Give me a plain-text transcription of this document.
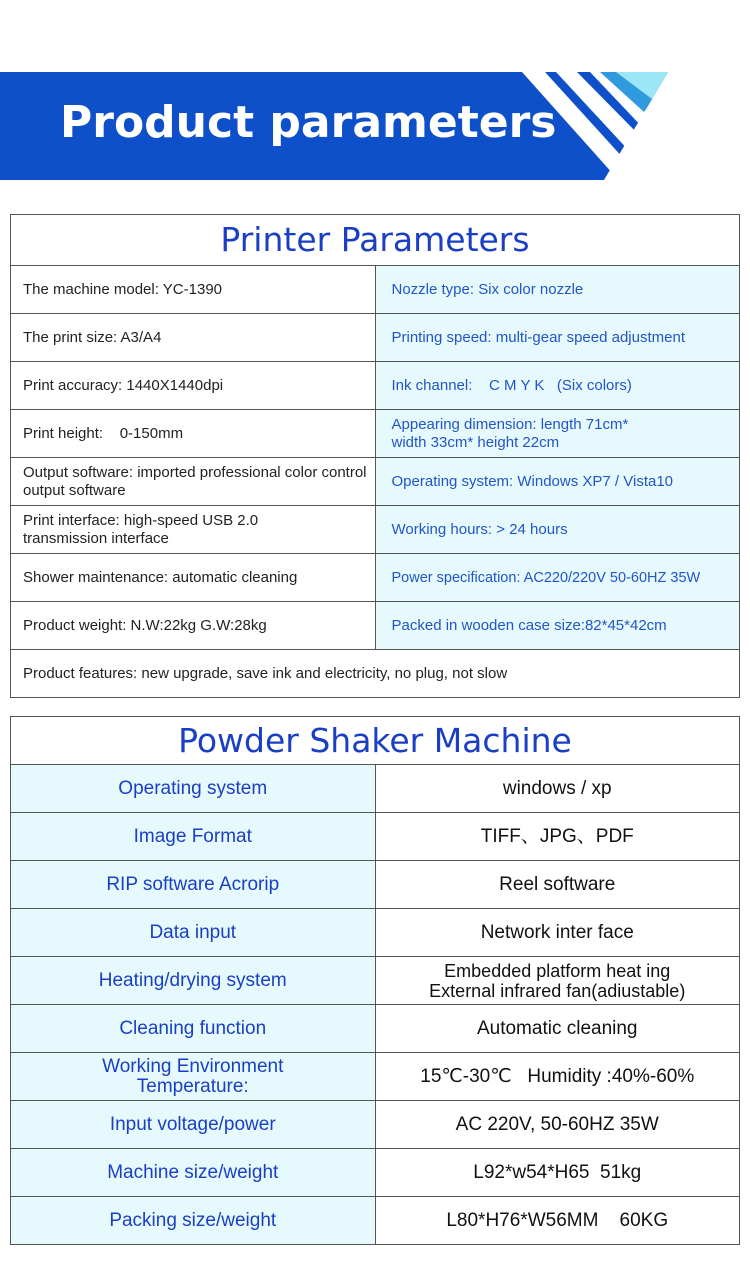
Product parameters
Printer Parameters	
The machine model: YC-1390	Nozzle type: Six color nozzle
The print size: A3/A4	Printing speed: multi-gear speed adjustment
Print accuracy: 1440X1440dpi	Ink channel:    C M Y K   (Six colors)
Print height:    0-150mm	Appearing dimension: length 71cm* width 33cm* height 22cm
Output software: imported professional color control output software	Operating system: Windows XP7 / Vista10
Print interface: high-speed USB 2.0 transmission interface	Working hours: > 24 hours
Shower maintenance: automatic cleaning	Power specification: AC220/220V 50-60HZ 35W
Product weight: N.W:22kg G.W:28kg	Packed in wooden case size:82*45*42cm
Product features: new upgrade, save ink and electricity, no plug, not slow	
Powder Shaker Machine	
Operating system	windows / xp
Image Format	TIFF、JPG、PDF
RIP software Acrorip	Reel software
Data input	Network inter face
Heating/drying system	Embedded platform heat ing External infrared fan(adiustable)
Cleaning function	Automatic cleaning
Working Environment Temperature:	15℃-30℃   Humidity :40%-60%
Input voltage/power	AC 220V, 50-60HZ 35W
Machine size/weight	L92*w54*H65  51kg
Packing size/weight	L80*H76*W56MM    60KG
